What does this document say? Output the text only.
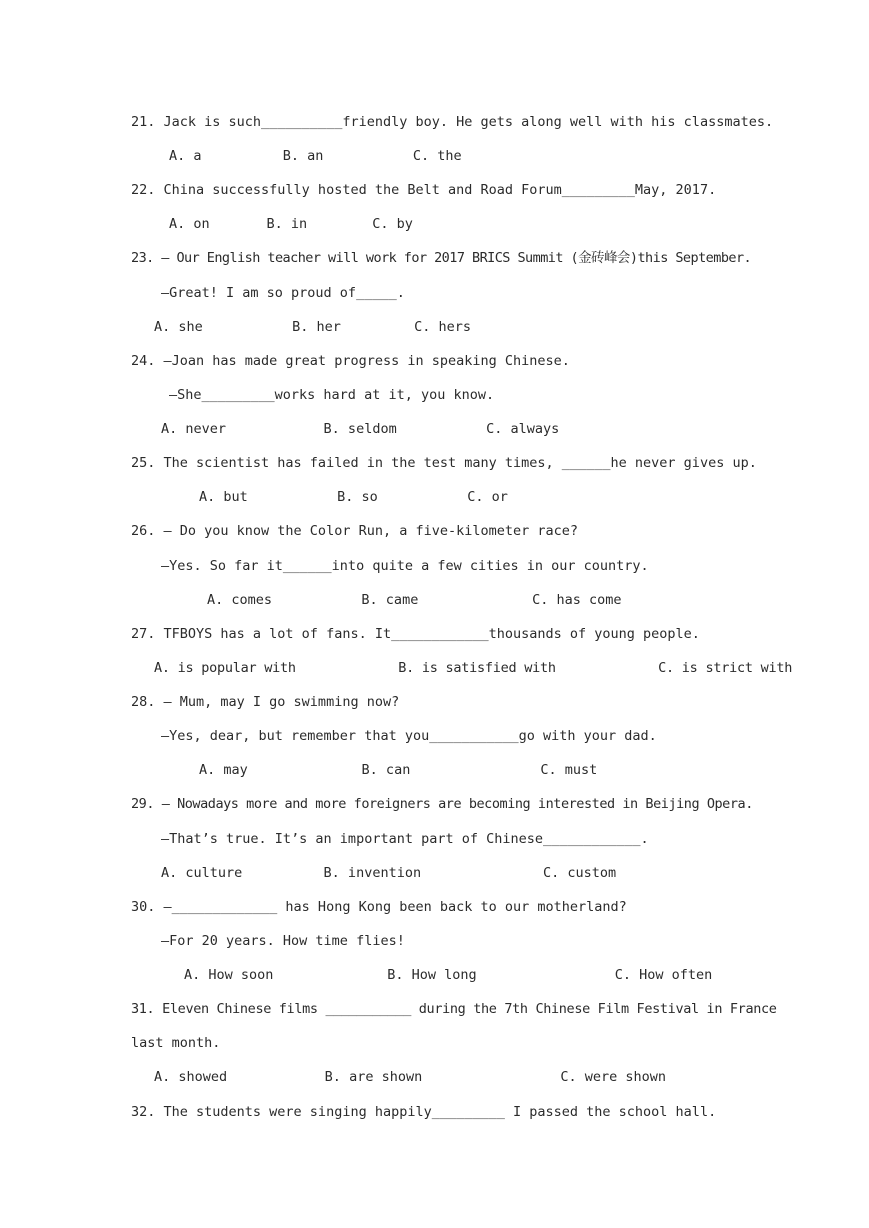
21. Jack is such__________friendly boy. He gets along well with his classmates.
A. a          B. an           C. the
22. China successfully hosted the Belt and Road Forum_________May, 2017.
A. on       B. in        C. by
23. — Our English teacher will work for 2017 BRICS Summit (金砖峰会)this September.
—Great! I am so proud of_____.
A. she           B. her         C. hers
24. —Joan has made great progress in speaking Chinese.
—She_________works hard at it, you know.
A. never            B. seldom           C. always
25. The scientist has failed in the test many times, ______he never gives up.
A. but           B. so           C. or
26. — Do you know the Color Run, a five-kilometer race?
—Yes. So far it______into quite a few cities in our country.
A. comes           B. came              C. has come
27. TFBOYS has a lot of fans. It____________thousands of young people.
A. is popular with             B. is satisfied with             C. is strict with
28. — Mum, may I go swimming now?
—Yes, dear, but remember that you___________go with your dad.
A. may              B. can                C. must
29. — Nowadays more and more foreigners are becoming interested in Beijing Opera.
—That’s true. It’s an important part of Chinese____________.
A. culture          B. invention               C. custom
30. —_____________ has Hong Kong been back to our motherland?
—For 20 years. How time flies!
A. How soon              B. How long                 C. How often
31. Eleven Chinese films ___________ during the 7th Chinese Film Festival in France
last month.
A. showed            B. are shown                 C. were shown
32. The students were singing happily_________ I passed the school hall.
